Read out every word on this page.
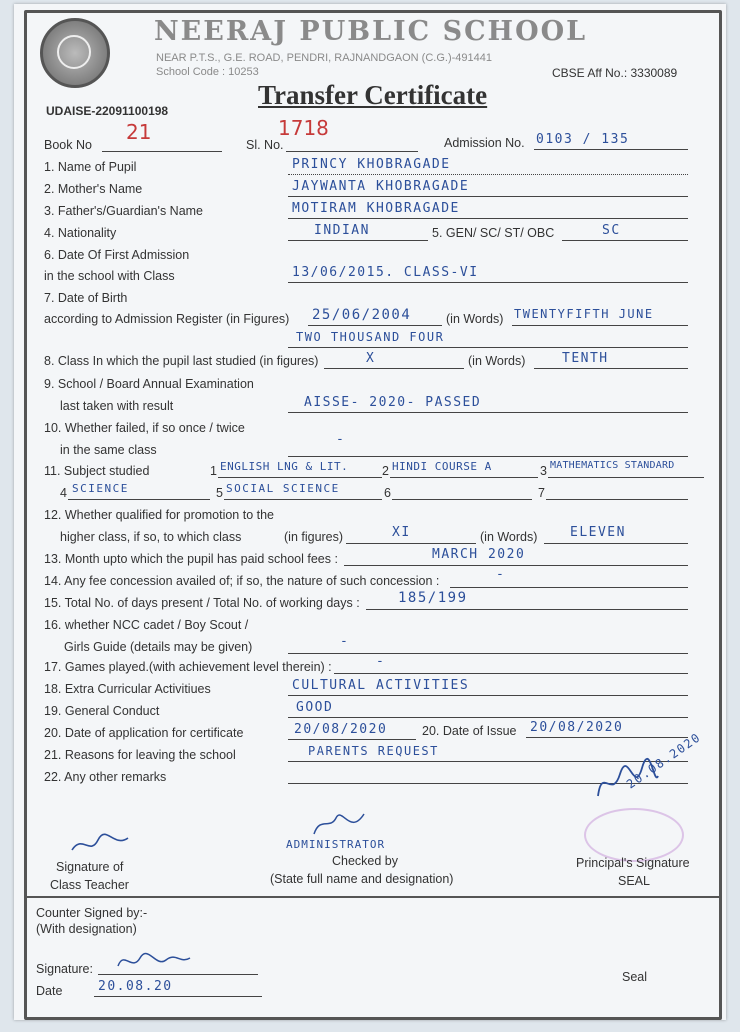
NEERAJ PUBLIC SCHOOL
NEAR P.T.S., G.E. ROAD, PENDRI, RAJNANDGAON (C.G.)-491441
School Code : 10253	CBSE Aff No.: 3330089
UDAISE-22091100198
Transfer Certificate
Book No
21
Sl. No.
1718
Admission No. 0103 / 135
1. Name of Pupil	PRINCY KHOBRAGADE
2. Mother's Name	JAYWANTA KHOBRAGADE
3. Father's/Guardian's Name	MOTIRAM KHOBRAGADE
4. Nationality	INDIAN	5. GEN/ SC/ ST/ OBC	SC
6. Date Of First Admission
in the school with Class	13/06/2015. CLASS-VI
7. Date of Birth
according to Admission Register (in Figures) 25/06/2004	(in Words) TWENTYFIFTH JUNE
TWO THOUSAND FOUR
8. Class In which the pupil last studied (in figures)	X	(in Words)	TENTH
9. School / Board Annual Examination
last taken with result	AISSE- 2020- PASSED
10. Whether failed, if so once / twice
in the same class
-
11. Subject studied	1 ENGLISH LNG & LIT.	2 HINDI COURSE A	3 MATHEMATICS STANDARD
4 SCIENCE	5 SOCIAL SCIENCE	6	7
12. Whether qualified for promotion to the
higher class, if so, to which class	(in figures)	XI	(in Words)	ELEVEN
13. Month upto which the pupil has paid school fees :	MARCH 2020
14. Any fee concession availed of; if so, the nature of such concession :	-
15. Total No. of days present / Total No. of working days :	185/199
16. whether NCC cadet / Boy Scout /
Girls Guide (details may be given)	-
17. Games played.(with achievement level therein) :	-
18. Extra Curricular Activitiues	CULTURAL ACTIVITIES
19. General Conduct	GOOD
20. Date of application for certificate	20/08/2020	20. Date of Issue 20/08/2020
21. Reasons for leaving the school	PARENTS REQUEST
22. Any other remarks
Signature of
Class Teacher
ADMINISTRATOR
Checked by
(State full name and designation)
20.08.2020
Principal's Signature
SEAL
Counter Signed by:-
(With designation)
Signature:
Date	20.08.20
Seal
